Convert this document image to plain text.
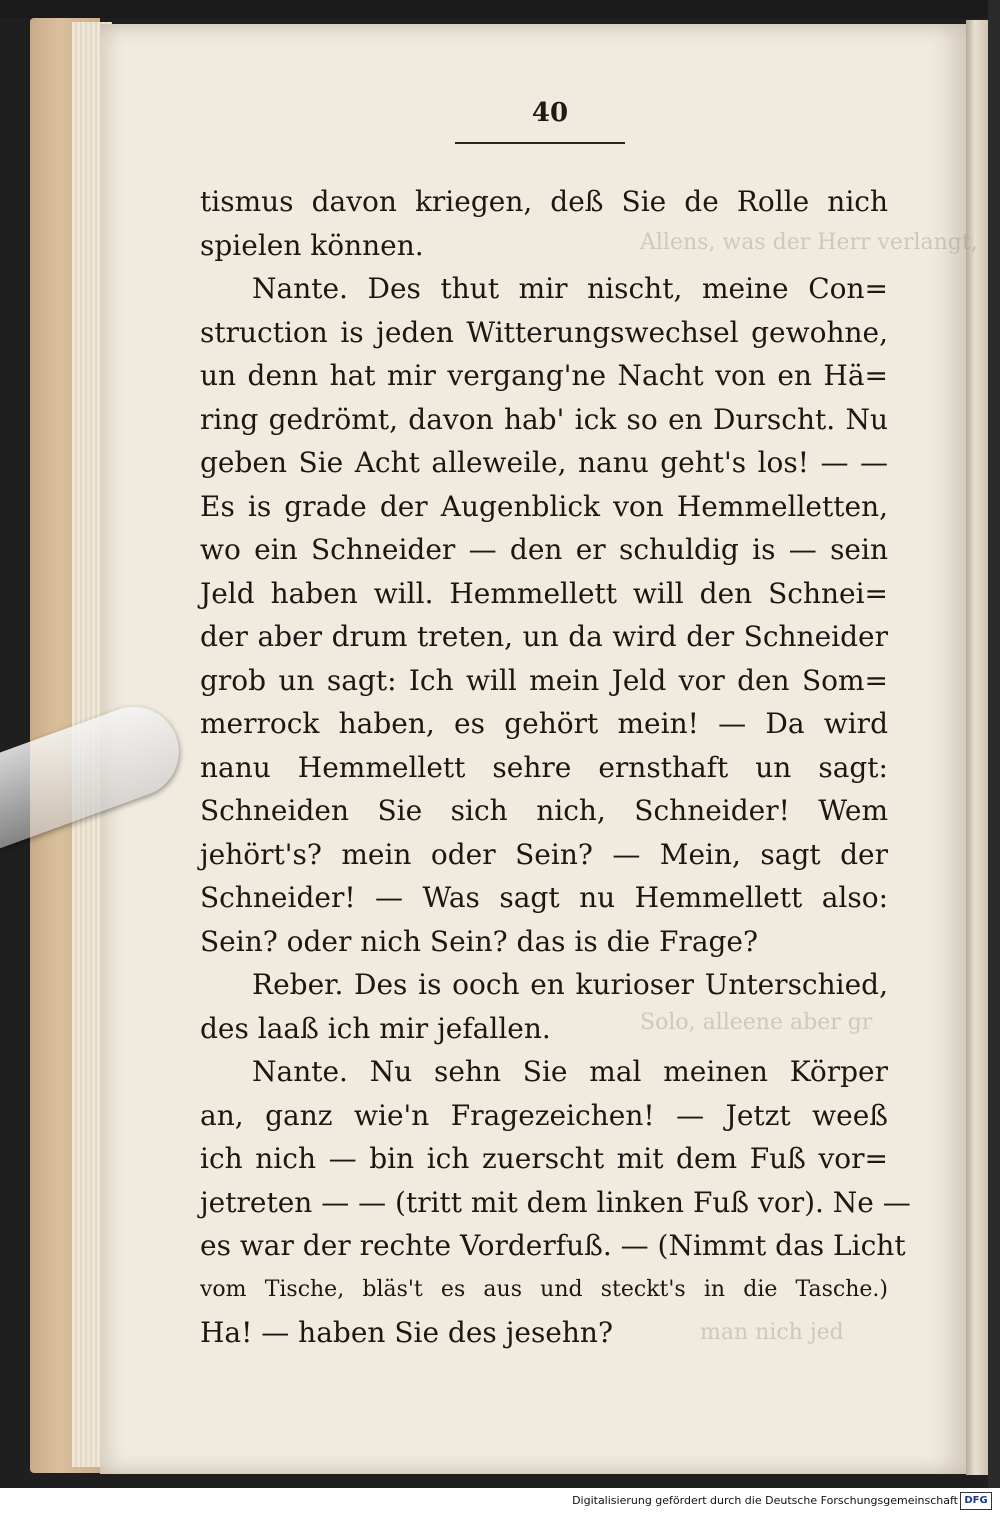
Allens, was der Herr verlangt,
Solo, alleene aber gr
man nich jed
40
tismus davon kriegen, deß Sie de Rolle nich
spielen können.
Nante. Des thut mir nischt, meine Con=
struction is jeden Witterungswechsel gewohne,
un denn hat mir vergang'ne Nacht von en Hä=
ring gedrömt, davon hab' ick so en Durscht. Nu
geben Sie Acht alleweile, nanu geht's los! — —
Es is grade der Augenblick von Hemmelletten,
wo ein Schneider — den er schuldig is — sein
Jeld haben will. Hemmellett will den Schnei=
der aber drum treten, un da wird der Schneider
grob un sagt: Ich will mein Jeld vor den Som=
merrock haben, es gehört mein! — Da wird
nanu Hemmellett sehre ernsthaft un sagt:
Schneiden Sie sich nich, Schneider! Wem
jehört's? mein oder Sein? — Mein, sagt der
Schneider! — Was sagt nu Hemmellett also:
Sein? oder nich Sein? das is die Frage?
Reber. Des is ooch en kurioser Unterschied,
des laaß ich mir jefallen.
Nante. Nu sehn Sie mal meinen Körper
an, ganz wie'n Fragezeichen! — Jetzt weeß
ich nich — bin ich zuerscht mit dem Fuß vor=
jetreten — — (tritt mit dem linken Fuß vor). Ne —
es war der rechte Vorderfuß. — (Nimmt das Licht
vom Tische, bläs't es aus und steckt's in die Tasche.)
Ha! — haben Sie des jesehn?
Digitalisierung gefördert durch die Deutsche Forschungsgemeinschaft DFG
